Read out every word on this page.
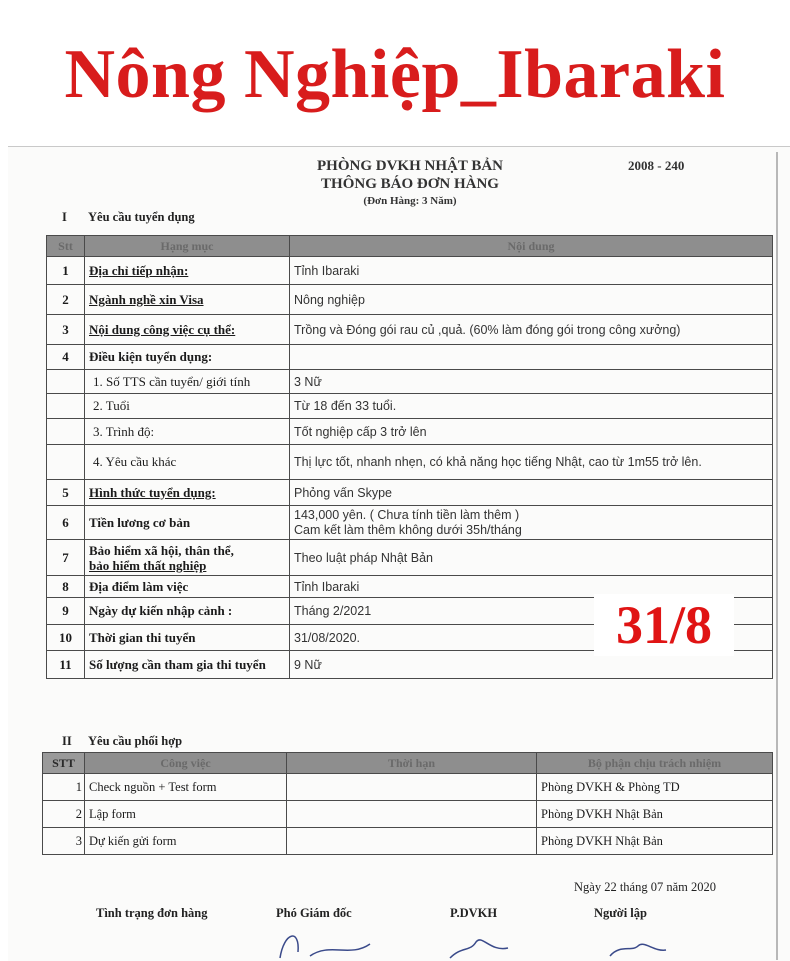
Nông Nghiệp_Ibaraki
PHÒNG DVKH NHẬT BẢN
THÔNG BÁO ĐƠN HÀNG
(Đơn Hàng: 3 Năm)
2008 - 240
I Yêu cầu tuyển dụng
Stt	Hạng mục	Nội dung
1	Địa chỉ tiếp nhận:	Tỉnh Ibaraki
2	Ngành nghề xin Visa	Nông nghiệp
3	Nội dung công việc cụ thể:	Trồng và Đóng gói rau củ ,quả. (60% làm đóng gói trong công xưởng)
4	Điều kiện tuyển dụng:	
	1. Số TTS cần tuyển/ giới tính	3 Nữ
	2. Tuổi	Từ 18 đến 33 tuổi.
	3. Trình độ:	Tốt nghiệp cấp 3 trở lên
	4. Yêu cầu khác	Thị lực tốt, nhanh nhẹn, có khả năng học tiếng Nhật, cao từ 1m55 trở lên.
5	Hình thức tuyển dụng:	Phỏng vấn Skype
6	Tiền lương cơ bản	143,000 yên. ( Chưa tính tiền làm thêm )
Cam kết làm thêm không dưới 35h/tháng
7	Bảo hiểm xã hội, thân thể,
bảo hiểm thất nghiệp	Theo luật pháp Nhật Bản
8	Địa điểm làm việc	Tỉnh Ibaraki
9	Ngày dự kiến nhập cảnh :	Tháng 2/2021
10	Thời gian thi tuyển	31/08/2020.
11	Số lượng cần tham gia thi tuyển	9 Nữ
31/8
II Yêu cầu phối hợp
STT	Công việc	Thời hạn	Bộ phận chịu trách nhiệm
1	Check nguồn + Test form		Phòng DVKH & Phòng TD
2	Lập form		Phòng DVKH Nhật Bản
3	Dự kiến gửi form		Phòng DVKH Nhật Bản
Ngày 22 tháng 07 năm 2020
Tình trạng đơn hàng	Phó Giám đốc	P.DVKH	Người lập
